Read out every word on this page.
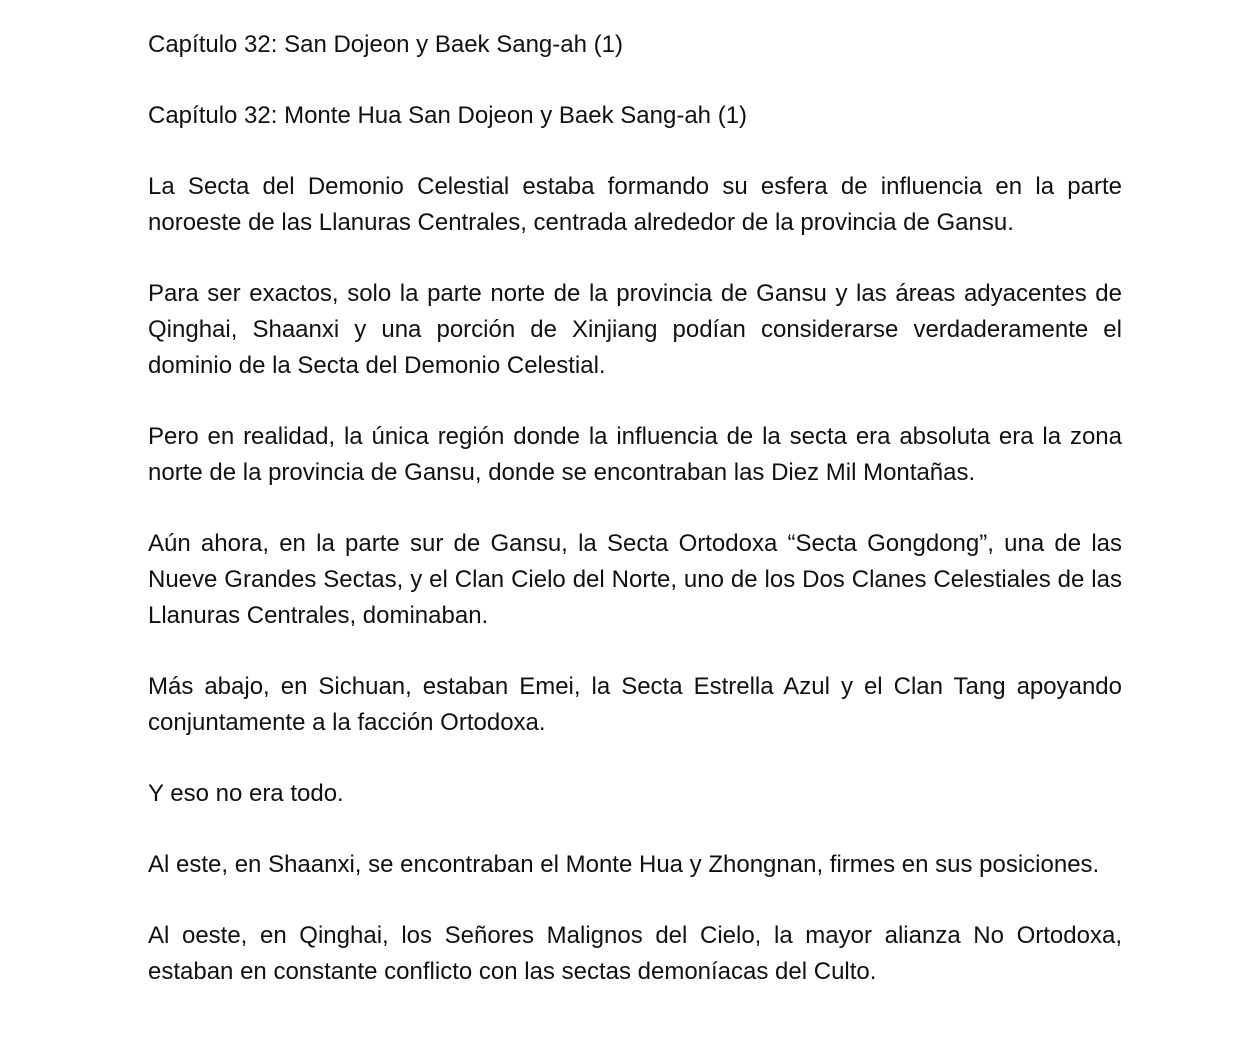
Capítulo 32: San Dojeon y Baek Sang-ah (1)

Capítulo 32: Monte Hua San Dojeon y Baek Sang-ah (1)

La Secta del Demonio Celestial estaba formando su esfera de influencia en la parte noroeste de las Llanuras Centrales, centrada alrededor de la provincia de Gansu.

Para ser exactos, solo la parte norte de la provincia de Gansu y las áreas adyacentes de Qinghai, Shaanxi y una porción de Xinjiang podían considerarse verdaderamente el dominio de la Secta del Demonio Celestial.

Pero en realidad, la única región donde la influencia de la secta era absoluta era la zona norte de la provincia de Gansu, donde se encontraban las Diez Mil Montañas.

Aún ahora, en la parte sur de Gansu, la Secta Ortodoxa “Secta Gongdong”, una de las Nueve Grandes Sectas, y el Clan Cielo del Norte, uno de los Dos Clanes Celestiales de las Llanuras Centrales, dominaban.

Más abajo, en Sichuan, estaban Emei, la Secta Estrella Azul y el Clan Tang apoyando conjuntamente a la facción Ortodoxa.

Y eso no era todo.

Al este, en Shaanxi, se encontraban el Monte Hua y Zhongnan, firmes en sus posiciones.

Al oeste, en Qinghai, los Señores Malignos del Cielo, la mayor alianza No Ortodoxa, estaban en constante conflicto con las sectas demoníacas del Culto.
